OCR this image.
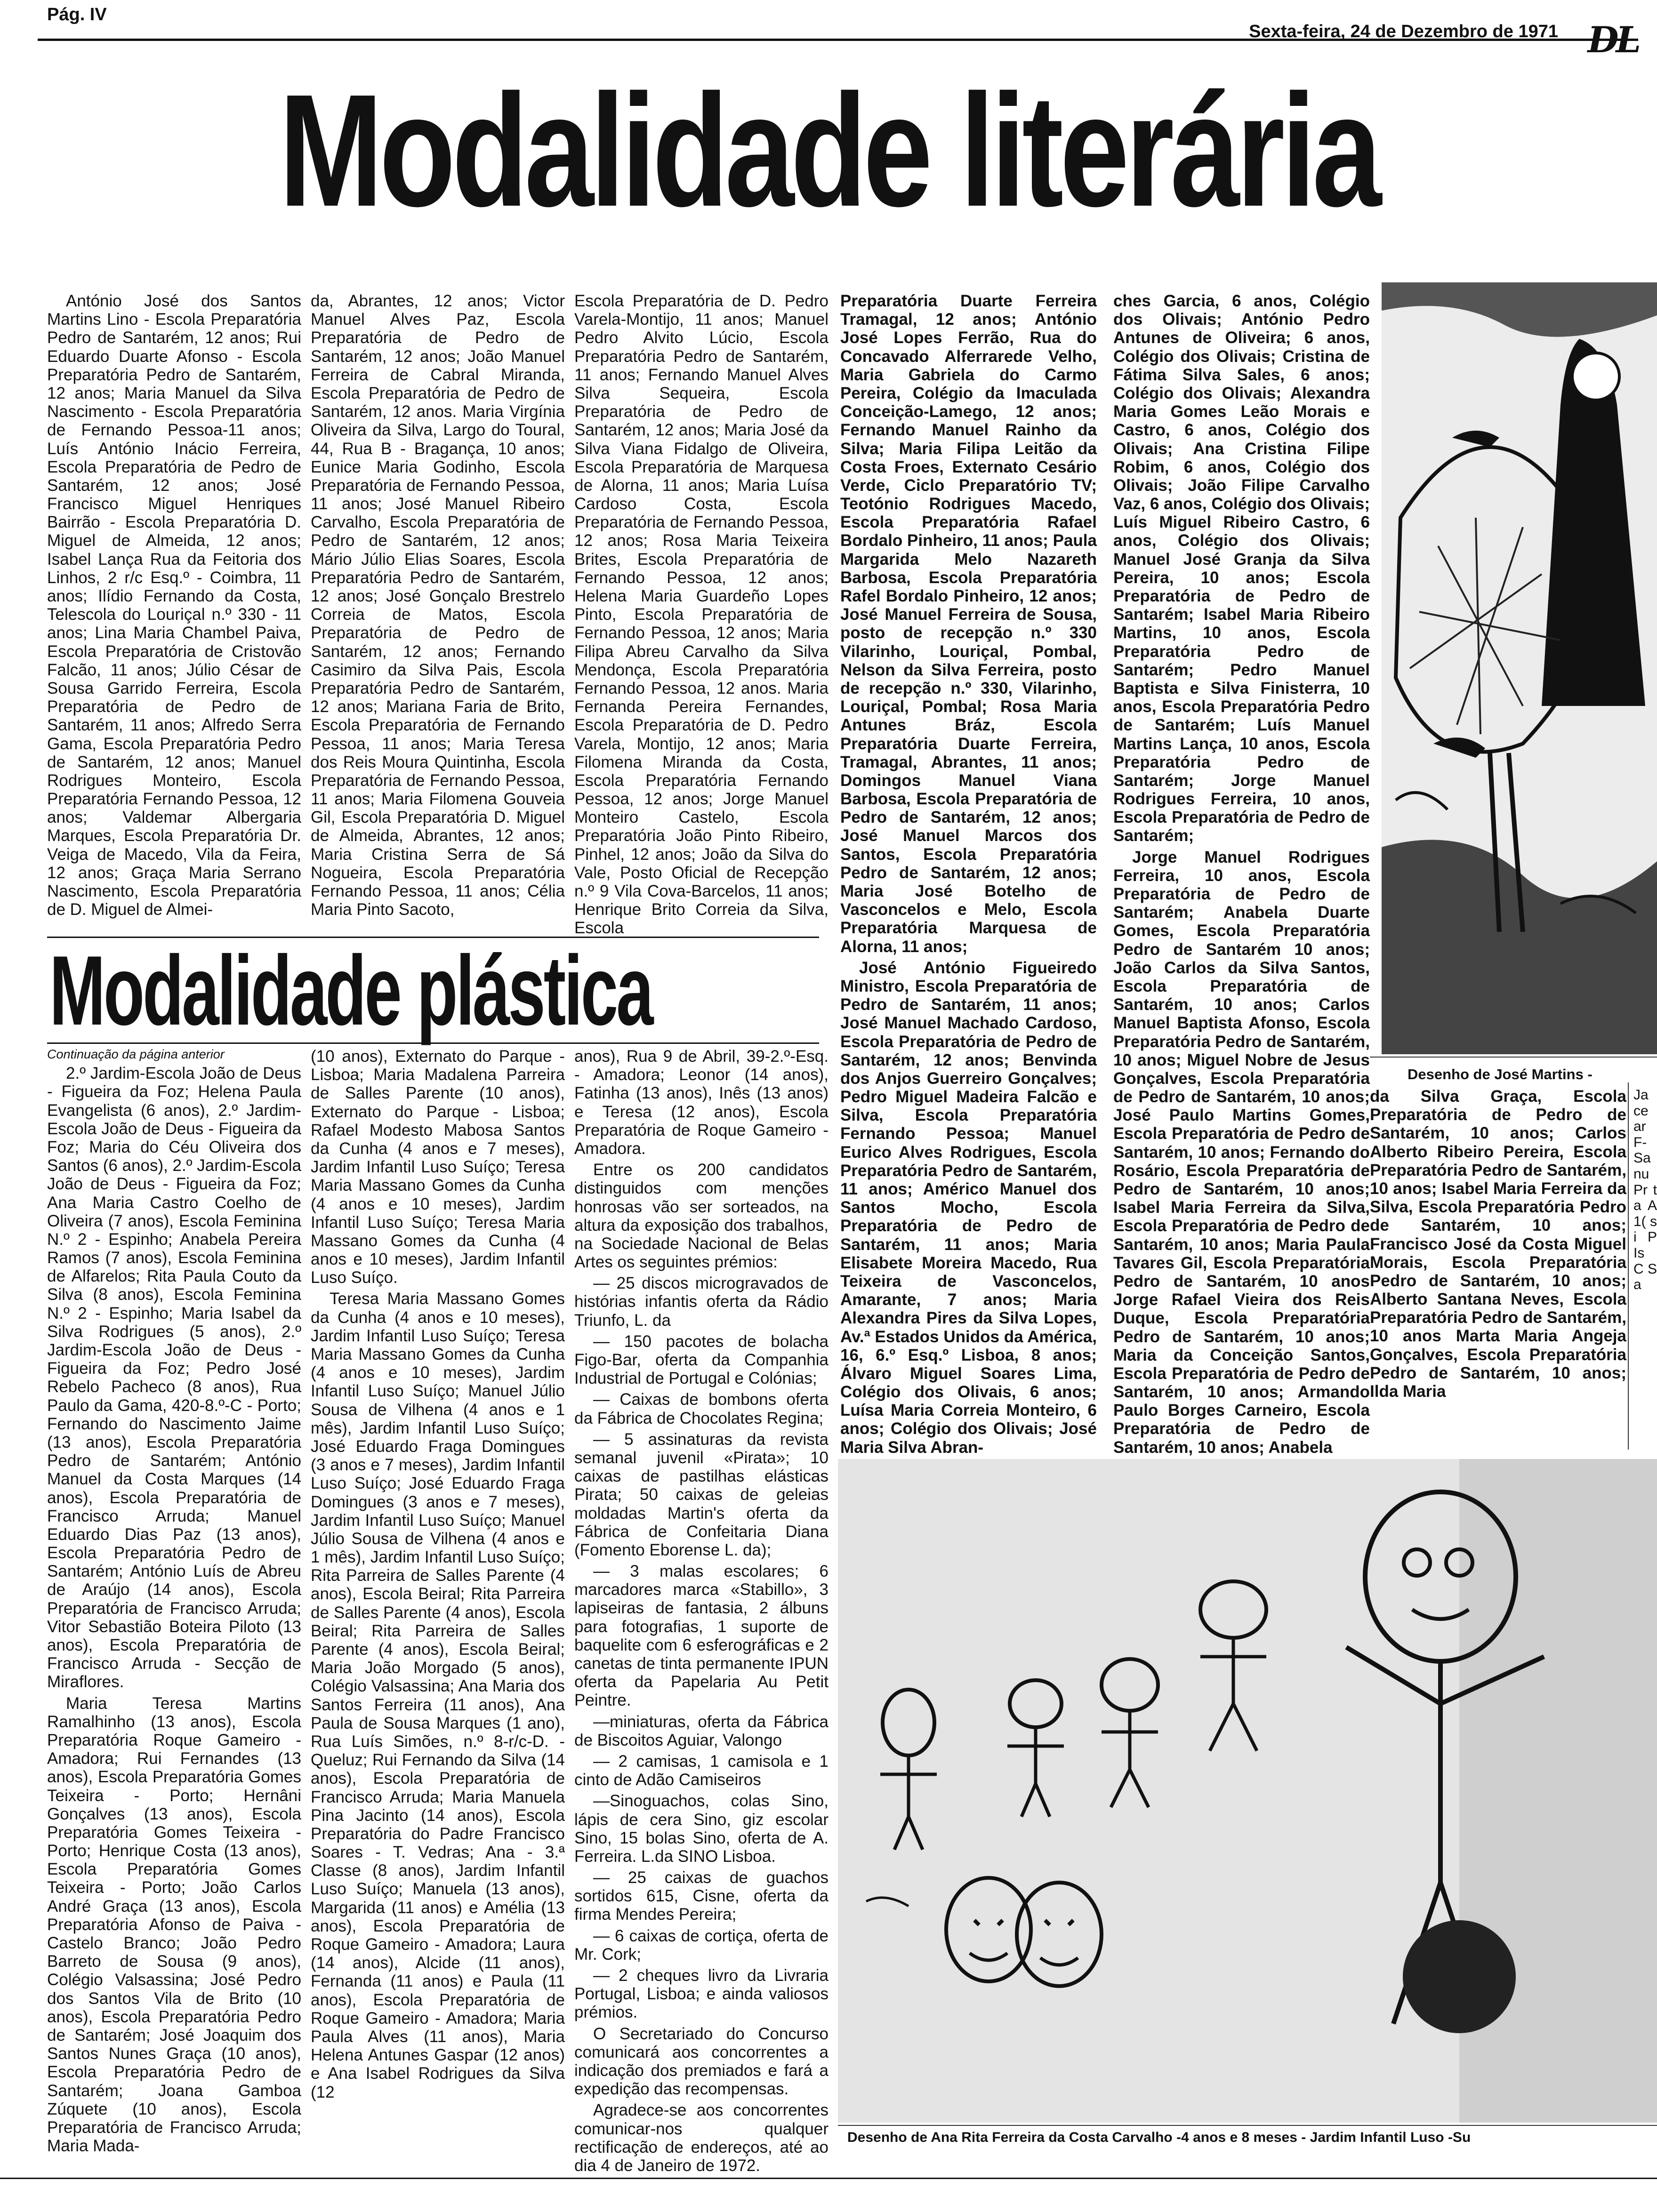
Pág. IV
Sexta-feira, 24 de Dezembro de 1971 DL
Modalidade literária

António José dos Santos Martins Lino - Escola Preparatória Pedro de Santarém, 12 anos; Rui Eduardo Duarte Afonso - Escola Preparatória Pedro de Santarém, 12 anos; Maria Manuel da Silva Nascimento - Escola Preparatória de Fernando Pessoa-11 anos; Luís António Inácio Ferreira, Escola Preparatória de Pedro de Santarém, 12 anos; José Francisco Miguel Henriques Bairrão - Escola Preparatória D. Miguel de Almeida, 12 anos; Isabel Lança Rua da Feitoria dos Linhos, 2 r/c Esq.º - Coimbra, 11 anos; Ilídio Fernando da Costa, Telescola do Louriçal n.º 330 - 11 anos; Lina Maria Chambel Paiva, Escola Preparatória de Cristovão Falcão, 11 anos; Júlio César de Sousa Garrido Ferreira, Escola Preparatória de Pedro de Santarém, 11 anos; Alfredo Serra Gama, Escola Preparatória Pedro de Santarém, 12 anos; Manuel Rodrigues Monteiro, Escola Preparatória Fernando Pessoa, 12 anos; Valdemar Albergaria Marques, Escola Preparatória Dr. Veiga de Macedo, Vila da Feira, 12 anos; Graça Maria Serrano Nascimento, Escola Preparatória de D. Miguel de Almei-

da, Abrantes, 12 anos; Victor Manuel Alves Paz, Escola Preparatória de Pedro de Santarém, 12 anos; João Manuel Ferreira de Cabral Miranda, Escola Preparatória de Pedro de Santarém, 12 anos. Maria Virgínia Oliveira da Silva, Largo do Toural, 44, Rua B - Bragança, 10 anos; Eunice Maria Godinho, Escola Preparatória de Fernando Pessoa, 11 anos; José Manuel Ribeiro Carvalho, Escola Preparatória de Pedro de Santarém, 12 anos; Mário Júlio Elias Soares, Escola Preparatória Pedro de Santarém, 12 anos; José Gonçalo Brestrelo Correia de Matos, Escola Preparatória de Pedro de Santarém, 12 anos; Fernando Casimiro da Silva Pais, Escola Preparatória Pedro de Santarém, 12 anos; Mariana Faria de Brito, Escola Preparatória de Fernando Pessoa, 11 anos; Maria Teresa dos Reis Moura Quintinha, Escola Preparatória de Fernando Pessoa, 11 anos; Maria Filomena Gouveia Gil, Escola Preparatória D. Miguel de Almeida, Abrantes, 12 anos; Maria Cristina Serra de Sá Nogueira, Escola Preparatória Fernando Pessoa, 11 anos; Célia Maria Pinto Sacoto,

Escola Preparatória de D. Pedro Varela-Montijo, 11 anos; Manuel Pedro Alvito Lúcio, Escola Preparatória Pedro de Santarém, 11 anos; Fernando Manuel Alves Silva Sequeira, Escola Preparatória de Pedro de Santarém, 12 anos; Maria José da Silva Viana Fidalgo de Oliveira, Escola Preparatória de Marquesa de Alorna, 11 anos; Maria Luísa Cardoso Costa, Escola Preparatória de Fernando Pessoa, 12 anos; Rosa Maria Teixeira Brites, Escola Preparatória de Fernando Pessoa, 12 anos; Helena Maria Guardeño Lopes Pinto, Escola Preparatória de Fernando Pessoa, 12 anos; Maria Filipa Abreu Carvalho da Silva Mendonça, Escola Preparatória Fernando Pessoa, 12 anos. Maria Fernanda Pereira Fernandes, Escola Preparatória de D. Pedro Varela, Montijo, 12 anos; Maria Filomena Miranda da Costa, Escola Preparatória Fernando Pessoa, 12 anos; Jorge Manuel Monteiro Castelo, Escola Preparatória João Pinto Ribeiro, Pinhel, 12 anos; João da Silva do Vale, Posto Oficial de Recepção n.º 9 Vila Cova-Barcelos, 11 anos; Henrique Brito Correia da Silva, Escola

Preparatória Duarte Ferreira Tramagal, 12 anos; António José Lopes Ferrão, Rua do Concavado Alferrarede Velho, Maria Gabriela do Carmo Pereira, Colégio da Imaculada Conceição-Lamego, 12 anos; Fernando Manuel Rainho da Silva; Maria Filipa Leitão da Costa Froes, Externato Cesário Verde, Ciclo Preparatório TV; Teotónio Rodrigues Macedo, Escola Preparatória Rafael Bordalo Pinheiro, 11 anos; Paula Margarida Melo Nazareth Barbosa, Escola Preparatória Rafel Bordalo Pinheiro, 12 anos; José Manuel Ferreira de Sousa, posto de recepção n.º 330 Vilarinho, Louriçal, Pombal, Nelson da Silva Ferreira, posto de recepção n.º 330, Vilarinho, Louriçal, Pombal; Rosa Maria Antunes Bráz, Escola Preparatória Duarte Ferreira, Tramagal, Abrantes, 11 anos; Domingos Manuel Viana Barbosa, Escola Preparatória de Pedro de Santarém, 12 anos; José Manuel Marcos dos Santos, Escola Preparatória Pedro de Santarém, 12 anos; Maria José Botelho de Vasconcelos e Melo, Escola Preparatória Marquesa de Alorna, 11 anos;

José António Figueiredo Ministro, Escola Preparatória de Pedro de Santarém, 11 anos; José Manuel Machado Cardoso, Escola Preparatória de Pedro de Santarém, 12 anos; Benvinda dos Anjos Guerreiro Gonçalves; Pedro Miguel Madeira Falcão e Silva, Escola Preparatória Fernando Pessoa; Manuel Eurico Alves Rodrigues, Escola Preparatória Pedro de Santarém, 11 anos; Américo Manuel dos Santos Mocho, Escola Preparatória de Pedro de Santarém, 11 anos; Maria Elisabete Moreira Macedo, Rua Teixeira de Vasconcelos, Amarante, 7 anos; Maria Alexandra Pires da Silva Lopes, Av.ª Estados Unidos da América, 16, 6.º Esq.º Lisboa, 8 anos; Álvaro Miguel Soares Lima, Colégio dos Olivais, 6 anos; Luísa Maria Correia Monteiro, 6 anos; Colégio dos Olivais; José Maria Silva Abran-

ches Garcia, 6 anos, Colégio dos Olivais; António Pedro Antunes de Oliveira; 6 anos, Colégio dos Olivais; Cristina de Fátima Silva Sales, 6 anos; Colégio dos Olivais; Alexandra Maria Gomes Leão Morais e Castro, 6 anos, Colégio dos Olivais; Ana Cristina Filipe Robim, 6 anos, Colégio dos Olivais; João Filipe Carvalho Vaz, 6 anos, Colégio dos Olivais; Luís Miguel Ribeiro Castro, 6 anos, Colégio dos Olivais; Manuel José Granja da Silva Pereira, 10 anos; Escola Preparatória de Pedro de Santarém; Isabel Maria Ribeiro Martins, 10 anos, Escola Preparatória Pedro de Santarém; Pedro Manuel Baptista e Silva Finisterra, 10 anos, Escola Preparatória Pedro de Santarém; Luís Manuel Martins Lança, 10 anos, Escola Preparatória Pedro de Santarém; Jorge Manuel Rodrigues Ferreira, 10 anos, Escola Preparatória de Pedro de Santarém;

Jorge Manuel Rodrigues Ferreira, 10 anos, Escola Preparatória de Pedro de Santarém; Anabela Duarte Gomes, Escola Preparatória Pedro de Santarém 10 anos; João Carlos da Silva Santos, Escola Preparatória de Santarém, 10 anos; Carlos Manuel Baptista Afonso, Escola Preparatória Pedro de Santarém, 10 anos; Miguel Nobre de Jesus Gonçalves, Escola Preparatória de Pedro de Santarém, 10 anos; José Paulo Martins Gomes, Escola Preparatória de Pedro de Santarém, 10 anos; Fernando do Rosário, Escola Preparatória de Pedro de Santarém, 10 anos; Isabel Maria Ferreira da Silva, Escola Preparatória de Pedro de Santarém, 10 anos; Maria Paula Tavares Gil, Escola Preparatória Pedro de Santarém, 10 anos Jorge Rafael Vieira dos Reis Duque, Escola Preparatória Pedro de Santarém, 10 anos; Maria da Conceição Santos, Escola Preparatória de Pedro de Santarém, 10 anos; Armando Paulo Borges Carneiro, Escola Preparatória de Pedro de Santarém, 10 anos; Anabela

Desenho de José Martins -

da Silva Graça, Escola Preparatória de Pedro de Santarém, 10 anos; Carlos Alberto Ribeiro Pereira, Escola Preparatória Pedro de Santarém, 10 anos; Isabel Maria Ferreira da Silva, Escola Preparatória Pedro de Santarém, 10 anos; Francisco José da Costa Miguel Morais, Escola Preparatória Pedro de Santarém, 10 anos; Alberto Santana Neves, Escola Preparatória Pedro de Santarém, 10 anos Marta Maria Angeja Gonçalves, Escola Preparatória Pedro de Santarém, 10 anos; Ilda Maria

Ja ce ar F- Sa nu Pr ta A 1( si P Is C Sa
Modalidade plástica

Continuação da página anterior

2.º Jardim-Escola João de Deus - Figueira da Foz; Helena Paula Evangelista (6 anos), 2.º Jardim-Escola João de Deus - Figueira da Foz; Maria do Céu Oliveira dos Santos (6 anos), 2.º Jardim-Escola João de Deus - Figueira da Foz; Ana Maria Castro Coelho de Oliveira (7 anos), Escola Feminina N.º 2 - Espinho; Anabela Pereira Ramos (7 anos), Escola Feminina de Alfarelos; Rita Paula Couto da Silva (8 anos), Escola Feminina N.º 2 - Espinho; Maria Isabel da Silva Rodrigues (5 anos), 2.º Jardim-Escola João de Deus - Figueira da Foz; Pedro José Rebelo Pacheco (8 anos), Rua Paulo da Gama, 420-8.º-C - Porto; Fernando do Nascimento Jaime (13 anos), Escola Preparatória Pedro de Santarém; António Manuel da Costa Marques (14 anos), Escola Preparatória de Francisco Arruda; Manuel Eduardo Dias Paz (13 anos), Escola Preparatória Pedro de Santarém; António Luís de Abreu de Araújo (14 anos), Escola Preparatória de Francisco Arruda; Vitor Sebastião Boteira Piloto (13 anos), Escola Preparatória de Francisco Arruda - Secção de Miraflores.

Maria Teresa Martins Ramalhinho (13 anos), Escola Preparatória Roque Gameiro - Amadora; Rui Fernandes (13 anos), Escola Preparatória Gomes Teixeira - Porto; Hernâni Gonçalves (13 anos), Escola Preparatória Gomes Teixeira - Porto; Henrique Costa (13 anos), Escola Preparatória Gomes Teixeira - Porto; João Carlos André Graça (13 anos), Escola Preparatória Afonso de Paiva - Castelo Branco; João Pedro Barreto de Sousa (9 anos), Colégio Valsassina; José Pedro dos Santos Vila de Brito (10 anos), Escola Preparatória Pedro de Santarém; José Joaquim dos Santos Nunes Graça (10 anos), Escola Preparatória Pedro de Santarém; Joana Gamboa Zúquete (10 anos), Escola Preparatória de Francisco Arruda; Maria Mada-

(10 anos), Externato do Parque - Lisboa; Maria Madalena Parreira de Salles Parente (10 anos), Externato do Parque - Lisboa; Rafael Modesto Mabosa Santos da Cunha (4 anos e 7 meses), Jardim Infantil Luso Suíço; Teresa Maria Massano Gomes da Cunha (4 anos e 10 meses), Jardim Infantil Luso Suíço; Teresa Maria Massano Gomes da Cunha (4 anos e 10 meses), Jardim Infantil Luso Suíço.

Teresa Maria Massano Gomes da Cunha (4 anos e 10 meses), Jardim Infantil Luso Suíço; Teresa Maria Massano Gomes da Cunha (4 anos e 10 meses), Jardim Infantil Luso Suíço; Manuel Júlio Sousa de Vilhena (4 anos e 1 mês), Jardim Infantil Luso Suíço; José Eduardo Fraga Domingues (3 anos e 7 meses), Jardim Infantil Luso Suíço; José Eduardo Fraga Domingues (3 anos e 7 meses), Jardim Infantil Luso Suíço; Manuel Júlio Sousa de Vilhena (4 anos e 1 mês), Jardim Infantil Luso Suíço; Rita Parreira de Salles Parente (4 anos), Escola Beiral; Rita Parreira de Salles Parente (4 anos), Escola Beiral; Rita Parreira de Salles Parente (4 anos), Escola Beiral; Maria João Morgado (5 anos), Colégio Valsassina; Ana Maria dos Santos Ferreira (11 anos), Ana Paula de Sousa Marques (1 ano), Rua Luís Simões, n.º 8-r/c-D. - Queluz; Rui Fernando da Silva (14 anos), Escola Preparatória de Francisco Arruda; Maria Manuela Pina Jacinto (14 anos), Escola Preparatória do Padre Francisco Soares - T. Vedras; Ana - 3.ª Classe (8 anos), Jardim Infantil Luso Suíço; Manuela (13 anos), Margarida (11 anos) e Amélia (13 anos), Escola Preparatória de Roque Gameiro - Amadora; Laura (14 anos), Alcide (11 anos), Fernanda (11 anos) e Paula (11 anos), Escola Preparatória de Roque Gameiro - Amadora; Maria Paula Alves (11 anos), Maria Helena Antunes Gaspar (12 anos) e Ana Isabel Rodrigues da Silva (12

anos), Rua 9 de Abril, 39-2.º-Esq. - Amadora; Leonor (14 anos), Fatinha (13 anos), Inês (13 anos) e Teresa (12 anos), Escola Preparatória de Roque Gameiro - Amadora.

Entre os 200 candidatos distinguidos com menções honrosas vão ser sorteados, na altura da exposição dos trabalhos, na Sociedade Nacional de Belas Artes os seguintes prémios:

— 25 discos microgravados de histórias infantis oferta da Rádio Triunfo, L. da

— 150 pacotes de bolacha Figo-Bar, oferta da Companhia Industrial de Portugal e Colónias;

— Caixas de bombons oferta da Fábrica de Chocolates Regina;

— 5 assinaturas da revista semanal juvenil «Pirata»; 10 caixas de pastilhas elásticas Pirata; 50 caixas de geleias moldadas Martin's oferta da Fábrica de Confeitaria Diana (Fomento Eborense L. da);

— 3 malas escolares; 6 marcadores marca «Stabillo», 3 lapiseiras de fantasia, 2 álbuns para fotografias, 1 suporte de baquelite com 6 esferográficas e 2 canetas de tinta permanente IPUN oferta da Papelaria Au Petit Peintre.

—miniaturas, oferta da Fábrica de Biscoitos Aguiar, Valongo

— 2 camisas, 1 camisola e 1 cinto de Adão Camiseiros

—Sinoguachos, colas Sino, lápis de cera Sino, giz escolar Sino, 15 bolas Sino, oferta de A. Ferreira. L.da SINO Lisboa.

— 25 caixas de guachos sortidos 615, Cisne, oferta da firma Mendes Pereira;

— 6 caixas de cortiça, oferta de Mr. Cork;

— 2 cheques livro da Livraria Portugal, Lisboa; e ainda valiosos prémios.

O Secretariado do Concurso comunicará aos concorrentes a indicação dos premiados e fará a expedição das recompensas.

Agradece-se aos concorrentes comunicar-nos qualquer rectificação de endereços, até ao dia 4 de Janeiro de 1972.

Desenho de Ana Rita Ferreira da Costa Carvalho -4 anos e 8 meses - Jardim Infantil Luso -Su
